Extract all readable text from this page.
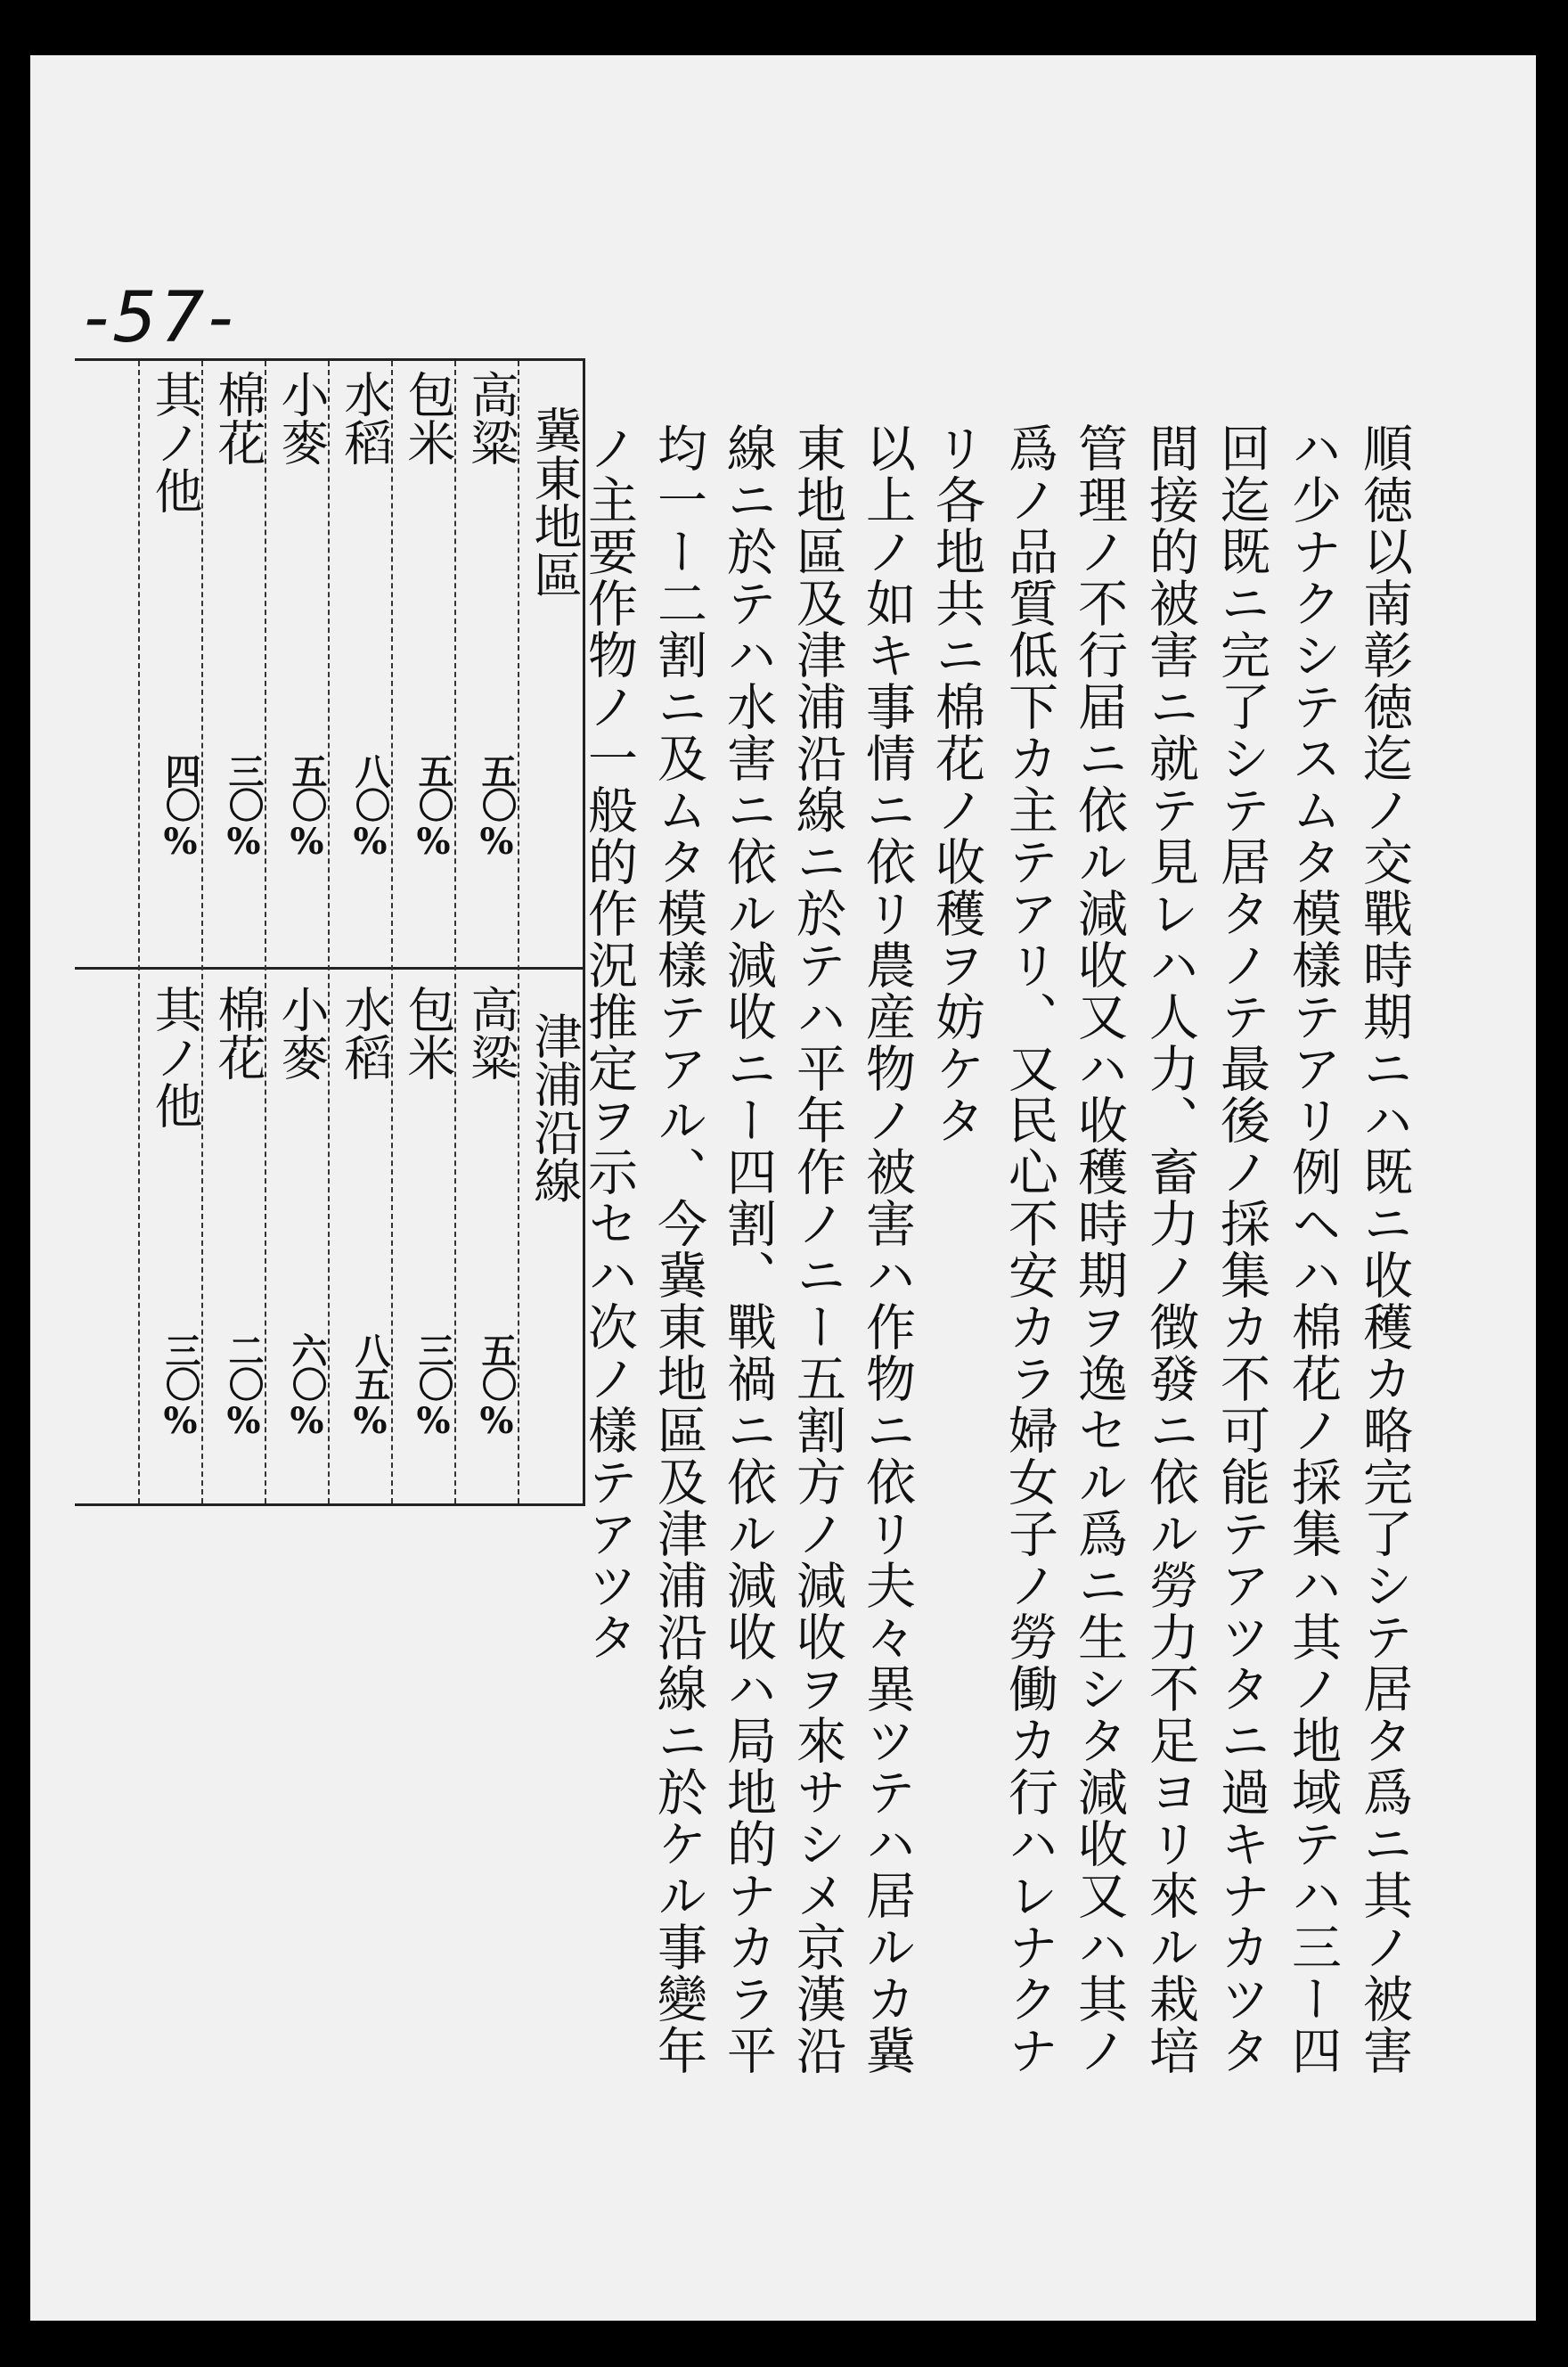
-57-
順徳以南彰徳迄ノ交戰時期ニハ既ニ收穫カ略完了シテ居タ爲ニ其ノ被害
ハ少ナクシテスムタ模樣テアリ例ヘハ棉花ノ採集ハ其ノ地域テハ三ー四
回迄既ニ完了シテ居タノテ最後ノ採集カ不可能テアツタニ過キナカツタ
間接的被害ニ就テ見レハ人力、畜力ノ徴發ニ依ル勞力不足ヨリ來ル栽培
管理ノ不行届ニ依ル減收又ハ收穫時期ヲ逸セル爲ニ生シタ減收又ハ其ノ
爲ノ品質低下カ主テアリ、又民心不安カラ婦女子ノ勞働カ行ハレナクナ
リ各地共ニ棉花ノ收穫ヲ妨ケタ
以上ノ如キ事情ニ依リ農産物ノ被害ハ作物ニ依リ夫々異ツテハ居ルカ冀
東地區及津浦沿線ニ於テハ平年作ノニー五割方ノ減收ヲ來サシメ京漢沿
線ニ於テハ水害ニ依ル減收ニー四割、戰禍ニ依ル減收ハ局地的ナカラ平
均一ー二割ニ及ムタ模樣テアル、今冀東地區及津浦沿線ニ於ケル事變年
ノ主要作物ノ一般的作況推定ヲ示セハ次ノ樣テアツタ
冀東地區
津浦沿線
高粱
五〇%
包米
五〇%
水稻
八〇%
小麥
五〇%
棉花
三〇%
其ノ他
四〇%
高粱
五〇%
包米
三〇%
水稻
八五%
小麥
六〇%
棉花
二〇%
其ノ他
三〇%
